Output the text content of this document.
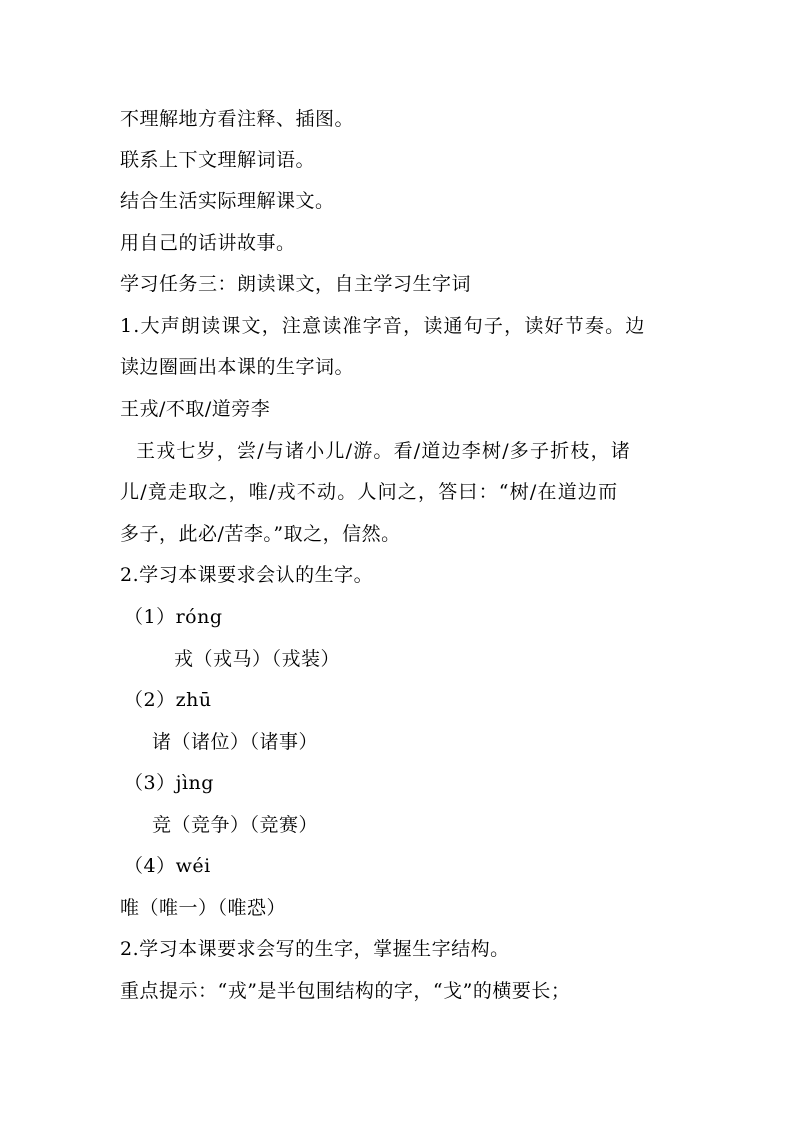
不理解地方看注释、插图。
联系上下文理解词语。
结合生活实际理解课文。
用自己的话讲故事。
学习任务三：朗读课文，自主学习生字词
1.大声朗读课文，注意读准字音，读通句子，读好节奏。边
读边圈画出本课的生字词。
王戎/不取/道旁李
王戎七岁，尝/与诸小儿/游。看/道边李树/多子折枝，诸
儿/竟走取之，唯/戎不动。人问之，答曰：“树/在道边而
多子，此必/苦李。”取之，信然。
2.学习本课要求会认的生字。
（1）róng
戎（戎马）（戎装）
（2）zhū
诸（诸位）（诸事）
（3）jìng
竞（竞争）（竞赛）
（4）wéi
唯（唯一）（唯恐）
2.学习本课要求会写的生字，掌握生字结构。
重点提示：“戎”是半包围结构的字，“戈”的横要长；
